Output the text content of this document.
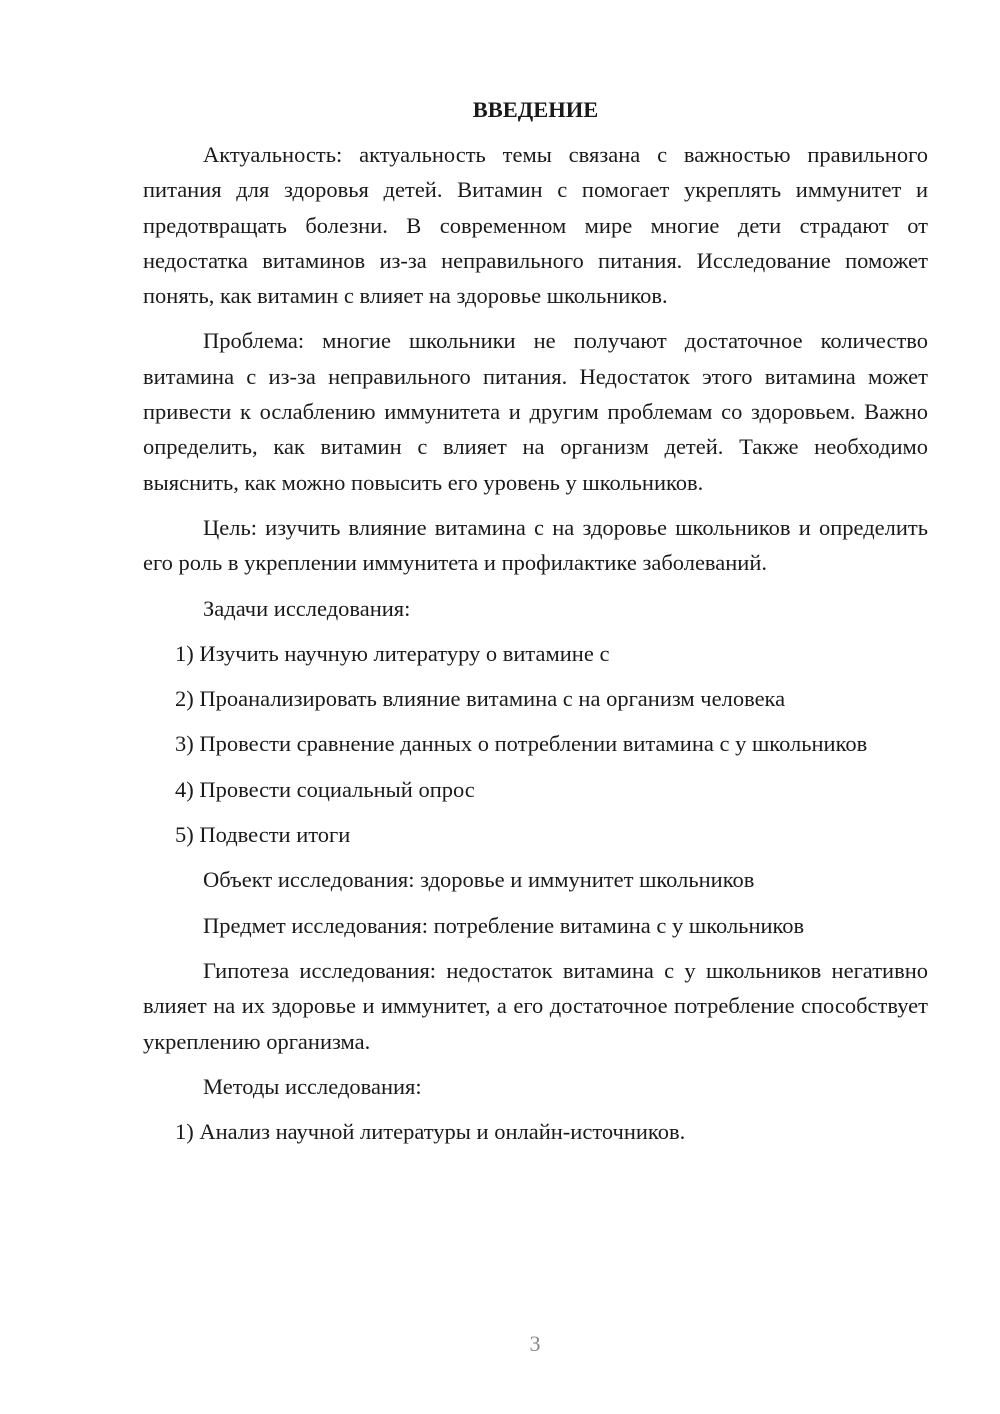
ВВЕДЕНИЕ

Актуальность: актуальность темы связана с важностью правильного питания для здоровья детей. Витамин с помогает укреплять иммунитет и предотвращать болезни. В современном мире многие дети страдают от недостатка витаминов из-за неправильного питания. Исследование поможет понять, как витамин с влияет на здоровье школьников.

Проблема: многие школьники не получают достаточное количество витамина с из-за неправильного питания. Недостаток этого витамина может привести к ослаблению иммунитета и другим проблемам со здоровьем. Важно определить, как витамин с влияет на организм детей. Также необходимо выяснить, как можно повысить его уровень у школьников.

Цель: изучить влияние витамина с на здоровье школьников и определить его роль в укреплении иммунитета и профилактике заболеваний.

Задачи исследования:

1) Изучить научную литературу о витамине с

2) Проанализировать влияние витамина с на организм человека

3) Провести сравнение данных о потреблении витамина с у школьников

4) Провести социальный опрос

5) Подвести итоги

Объект исследования: здоровье и иммунитет школьников

Предмет исследования: потребление витамина с у школьников

Гипотеза исследования: недостаток витамина с у школьников негативно влияет на их здоровье и иммунитет, а его достаточное потребление способствует укреплению организма.

Методы исследования:

1) Анализ научной литературы и онлайн-источников.

3
